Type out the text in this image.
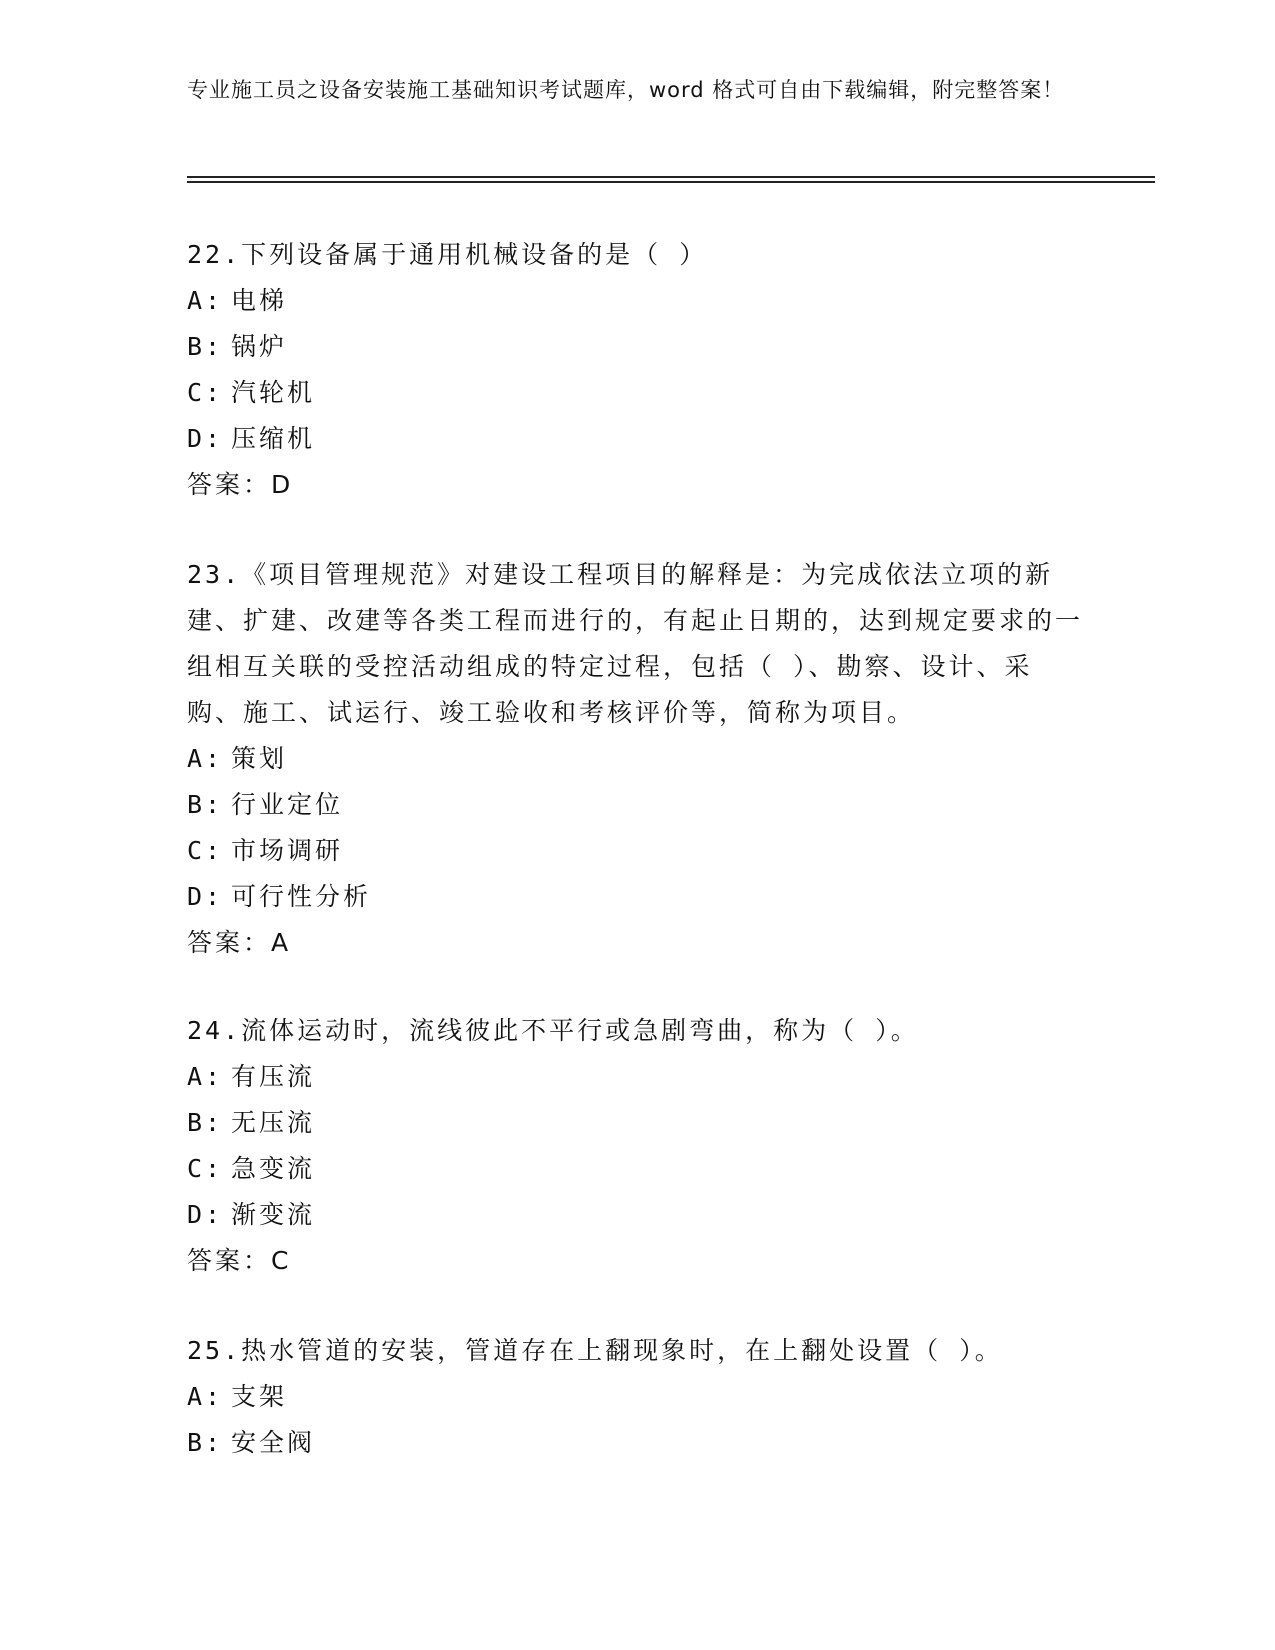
专业施工员之设备安装施工基础知识考试题库，word 格式可自由下载编辑，附完整答案！

22.下列设备属于通用机械设备的是（ ）

A: 电梯
B: 锅炉
C: 汽轮机
D: 压缩机
答案：D

23.《项目管理规范》对建设工程项目的解释是：为完成依法立项的新建、扩建、改建等各类工程而进行的，有起止日期的，达到规定要求的一组相互关联的受控活动组成的特定过程，包括（ ）、勘察、设计、采购、施工、试运行、竣工验收和考核评价等，简称为项目。

A: 策划
B: 行业定位
C: 市场调研
D: 可行性分析
答案：A

24.流体运动时，流线彼此不平行或急剧弯曲，称为（ ）。

A: 有压流
B: 无压流
C: 急变流
D: 渐变流
答案：C

25.热水管道的安装，管道存在上翻现象时，在上翻处设置（ ）。

A: 支架
B: 安全阀
